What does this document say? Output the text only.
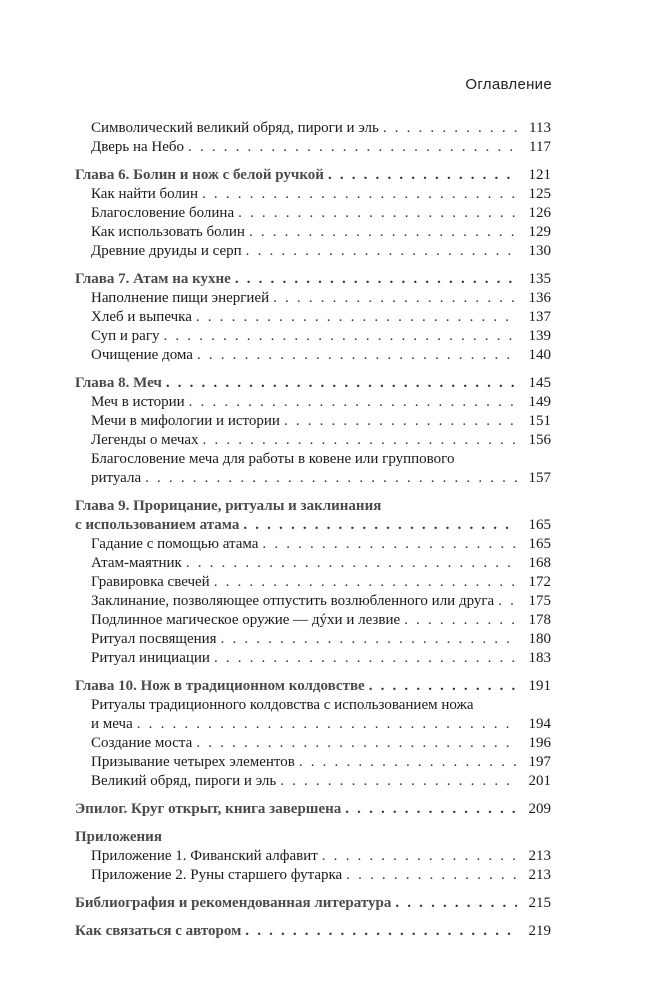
Оглавление
Символический великий обряд, пироги и эль . . .	113
Дверь на Небо . . .	117
Глава 6. Болин и нож с белой ручкой . . .	121
Как найти болин . . .	125
Благословение болина . . .	126
Как использовать болин . . .	129
Древние друиды и серп . . .	130
Глава 7. Атам на кухне . . .	135
Наполнение пищи энергией . . .	136
Хлеб и выпечка . . .	137
Суп и рагу . . .	139
Очищение дома . . .	140
Глава 8. Меч . . .	145
Меч в истории . . .	149
Мечи в мифологии и истории . . .	151
Легенды о мечах . . .	156
Благословение меча для работы в ковене или группового
ритуала . . .	157
Глава 9. Прорицание, ритуалы и заклинания
с использованием атама . . .	165
Гадание с помощью атама . . .	165
Атам-маятник . . .	168
Гравировка свечей . . .	172
Заклинание, позволяющее отпустить возлюбленного или друга . . .	175
Подлинное магическое оружие — дýхи и лезвие . . .	178
Ритуал посвящения . . .	180
Ритуал инициации . . .	183
Глава 10. Нож в традиционном колдовстве . . .	191
Ритуалы традиционного колдовства с использованием ножа
и меча . . .	194
Создание моста . . .	196
Призывание четырех элементов . . .	197
Великий обряд, пироги и эль . . .	201
Эпилог. Круг открыт, книга завершена . . .	209
Приложения
Приложение 1. Фиванский алфавит . . .	213
Приложение 2. Руны старшего футарка . . .	213
Библиография и рекомендованная литература . . .	215
Как связаться с автором . . .	219
